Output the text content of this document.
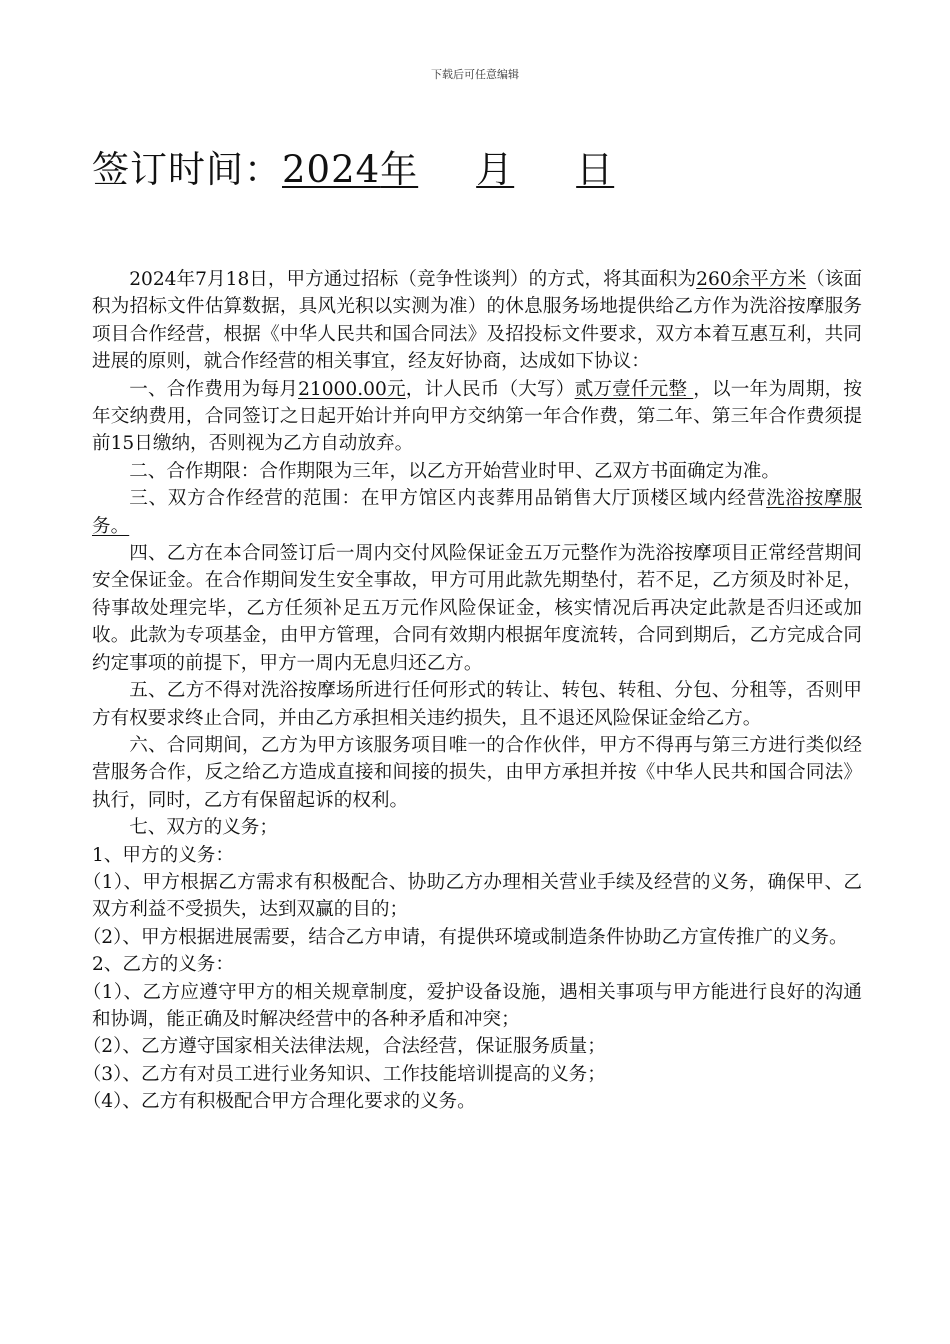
下载后可任意编辑
签订时间：2024年 月 日

2024年7月18日，甲方通过招标（竞争性谈判）的方式，将其面积为260余平方米（该面积为招标文件估算数据，具风光积以实测为准）的休息服务场地提供给乙方作为洗浴按摩服务项目合作经营，根据《中华人民共和国合同法》及招投标文件要求，双方本着互惠互利，共同进展的原则，就合作经营的相关事宜，经友好协商，达成如下协议：

一、合作费用为每月21000.00元，计人民币（大写）贰万壹仟元整 ，以一年为周期，按年交纳费用，合同签订之日起开始计并向甲方交纳第一年合作费，第二年、第三年合作费须提前15日缴纳，否则视为乙方自动放弃。

二、合作期限：合作期限为三年，以乙方开始营业时甲、乙双方书面确定为准。

三、双方合作经营的范围：在甲方馆区内丧葬用品销售大厅顶楼区域内经营洗浴按摩服务。

四、乙方在本合同签订后一周内交付风险保证金五万元整作为洗浴按摩项目正常经营期间安全保证金。在合作期间发生安全事故，甲方可用此款先期垫付，若不足，乙方须及时补足，待事故处理完毕，乙方任须补足五万元作风险保证金，核实情况后再决定此款是否归还或加收。此款为专项基金，由甲方管理，合同有效期内根据年度流转，合同到期后，乙方完成合同约定事项的前提下，甲方一周内无息归还乙方。

五、乙方不得对洗浴按摩场所进行任何形式的转让、转包、转租、分包、分租等，否则甲方有权要求终止合同，并由乙方承担相关违约损失，且不退还风险保证金给乙方。

六、合同期间，乙方为甲方该服务项目唯一的合作伙伴，甲方不得再与第三方进行类似经营服务合作，反之给乙方造成直接和间接的损失，由甲方承担并按《中华人民共和国合同法》执行，同时，乙方有保留起诉的权利。

七、双方的义务；

1、甲方的义务：

（1）、甲方根据乙方需求有积极配合、协助乙方办理相关营业手续及经营的义务，确保甲、乙双方利益不受损失，达到双赢的目的；

（2）、甲方根据进展需要，结合乙方申请，有提供环境或制造条件协助乙方宣传推广的义务。

2、乙方的义务：

（1）、乙方应遵守甲方的相关规章制度，爱护设备设施，遇相关事项与甲方能进行良好的沟通和协调，能正确及时解决经营中的各种矛盾和冲突；

（2）、乙方遵守国家相关法律法规，合法经营，保证服务质量；

（3）、乙方有对员工进行业务知识、工作技能培训提高的义务；

（4）、乙方有积极配合甲方合理化要求的义务。
